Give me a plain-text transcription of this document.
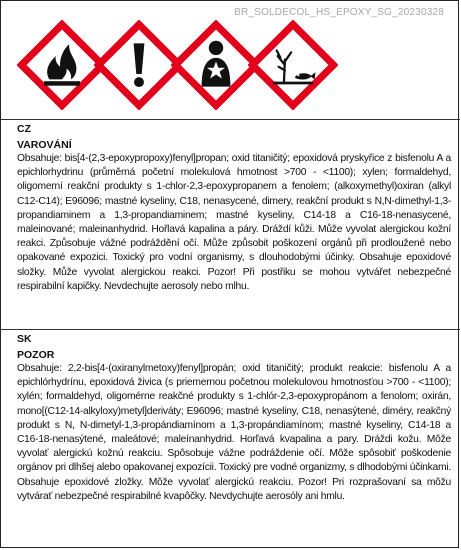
BR_SOLDECOL_HS_EPOXY_SG_20230328

CZ

VAROVÁNÍ

Obsahuje: bis[4-(2,3-epoxypropoxy)fenyl]propan; oxid titaničitý; epoxidová pryskyřice z bisfenolu A a epichlorhydrinu (průměrná početní molekulová hmotnost >700 - <1100); xylen; formaldehyd, oligomerní reakční produkty s 1-chlor-2,3-epoxypropanem a fenolem; (alkoxymethyl)oxiran (alkyl C12-C14); E96096; mastné kyseliny, C18, nenasycené, dimery, reakční produkt s N,N-dimethyl-1,3-propandiaminem a 1,3-propandiaminem; mastné kyseliny, C14-18 a C16-18-nenasycené, maleinované; maleinanhydrid. Hořlavá kapalina a páry. Dráždí kůži. Může vyvolat alergickou kožní reakci. Způsobuje vážné podráždění očí. Může způsobit poškození orgánů při prodloužené nebo opakované expozici. Toxický pro vodní organismy, s dlouhodobými účinky. Obsahuje epoxidové složky. Může vyvolat alergickou reakci. Pozor! Při postřiku se mohou vytvářet nebezpečné respirabilní kapičky. Nevdechujte aerosoly nebo mlhu.

SK

POZOR

Obsahuje: 2,2-bis[4-(oxiranylmetoxy)fenyl]propán; oxid titaničitý; produkt reakcie: bisfenolu A a epichlórhydrínu, epoxidová živica (s priemernou početnou molekulovou hmotnosťou >700 - <1100); xylén; formaldehyd, oligomérne reakčné produkty s 1-chlór-2,3-epoxypropánom a fenolom; oxirán, mono[(C12-14-alkyloxy)metyl]deriváty; E96096; mastné kyseliny, C18, nenasýtené, diméry, reakčný produkt s N, N-dimetyl-1,3-propándiamínom a 1,3-propándiamínom; mastné kyseliny, C14-18 a C16-18-nenasýtené, maleátové; maleínanhydrid. Horľavá kvapalina a pary. Dráždi kožu. Môže vyvolať alergickú kožnú reakciu. Spôsobuje vážne podráždenie očí. Môže spôsobiť poškodenie orgánov pri dlhšej alebo opakovanej expozícii. Toxický pre vodné organizmy, s dlhodobými účinkami. Obsahuje epoxidové zložky. Môže vyvolať alergickú reakciu. Pozor! Pri rozprašovaní sa môžu vytvárať nebezpečné respirabilné kvapôčky. Nevdychujte aerosóly ani hmlu.
